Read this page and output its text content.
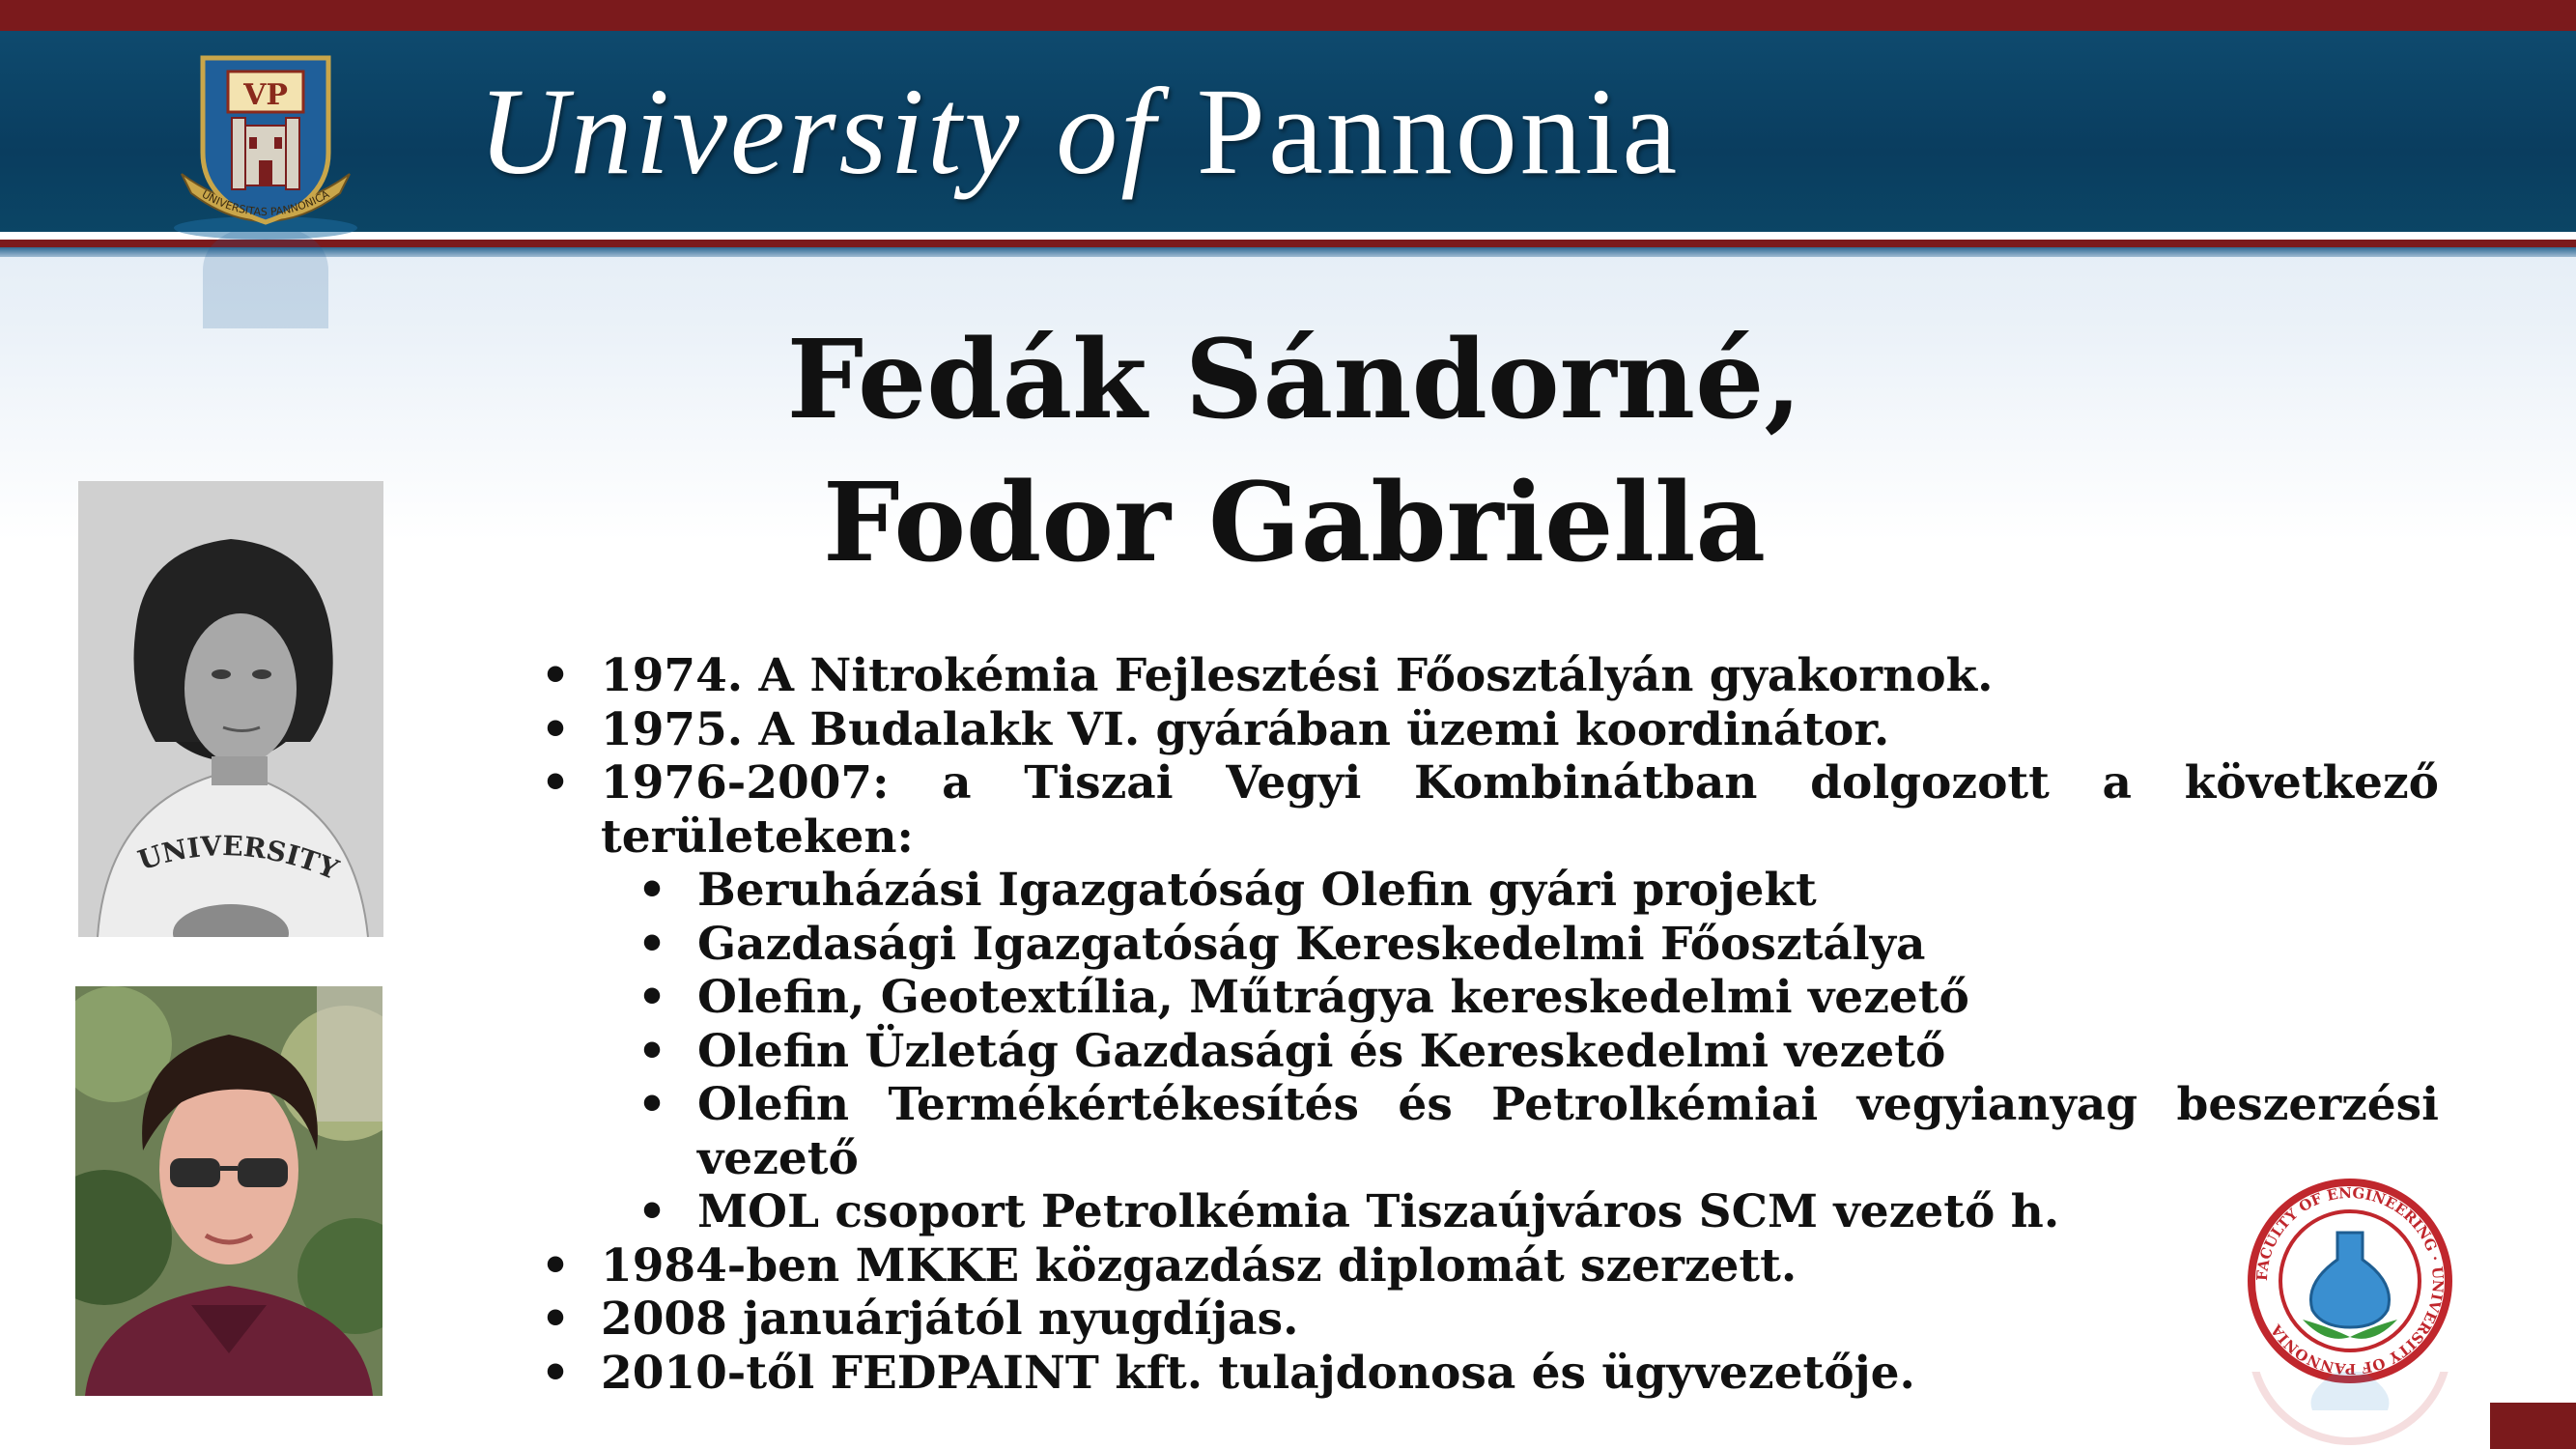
VP
UNIVERSITAS PANNONICA University of Pannonia
Fedák Sándorné,
Fodor Gabriella
UNIVERSITY
• 1974. A Nitrokémia Fejlesztési Főosztályán gyakornok.
• 1975. A Budalakk VI. gyárában üzemi koordinátor.
• 1976-2007: a Tiszai Vegyi Kombinátban dolgozott a következő területeken:
• Beruházási Igazgatóság Olefin gyári projekt
• Gazdasági Igazgatóság Kereskedelmi Főosztálya
• Olefin, Geotextília, Műtrágya kereskedelmi vezető
• Olefin Üzletág Gazdasági és Kereskedelmi vezető
• Olefin Termékértékesítés és Petrolkémiai vegyianyag beszerzési vezető
• MOL csoport Petrolkémia Tiszaújváros SCM vezető h.
• 1984-ben MKKE közgazdász diplomát szerzett.
• 2008 januárjától nyugdíjas.
• 2010-től FEDPAINT kft. tulajdonosa és ügyvezetője.
FACULTY OF ENGINEERING · UNIVERSITY OF PANNONIA
